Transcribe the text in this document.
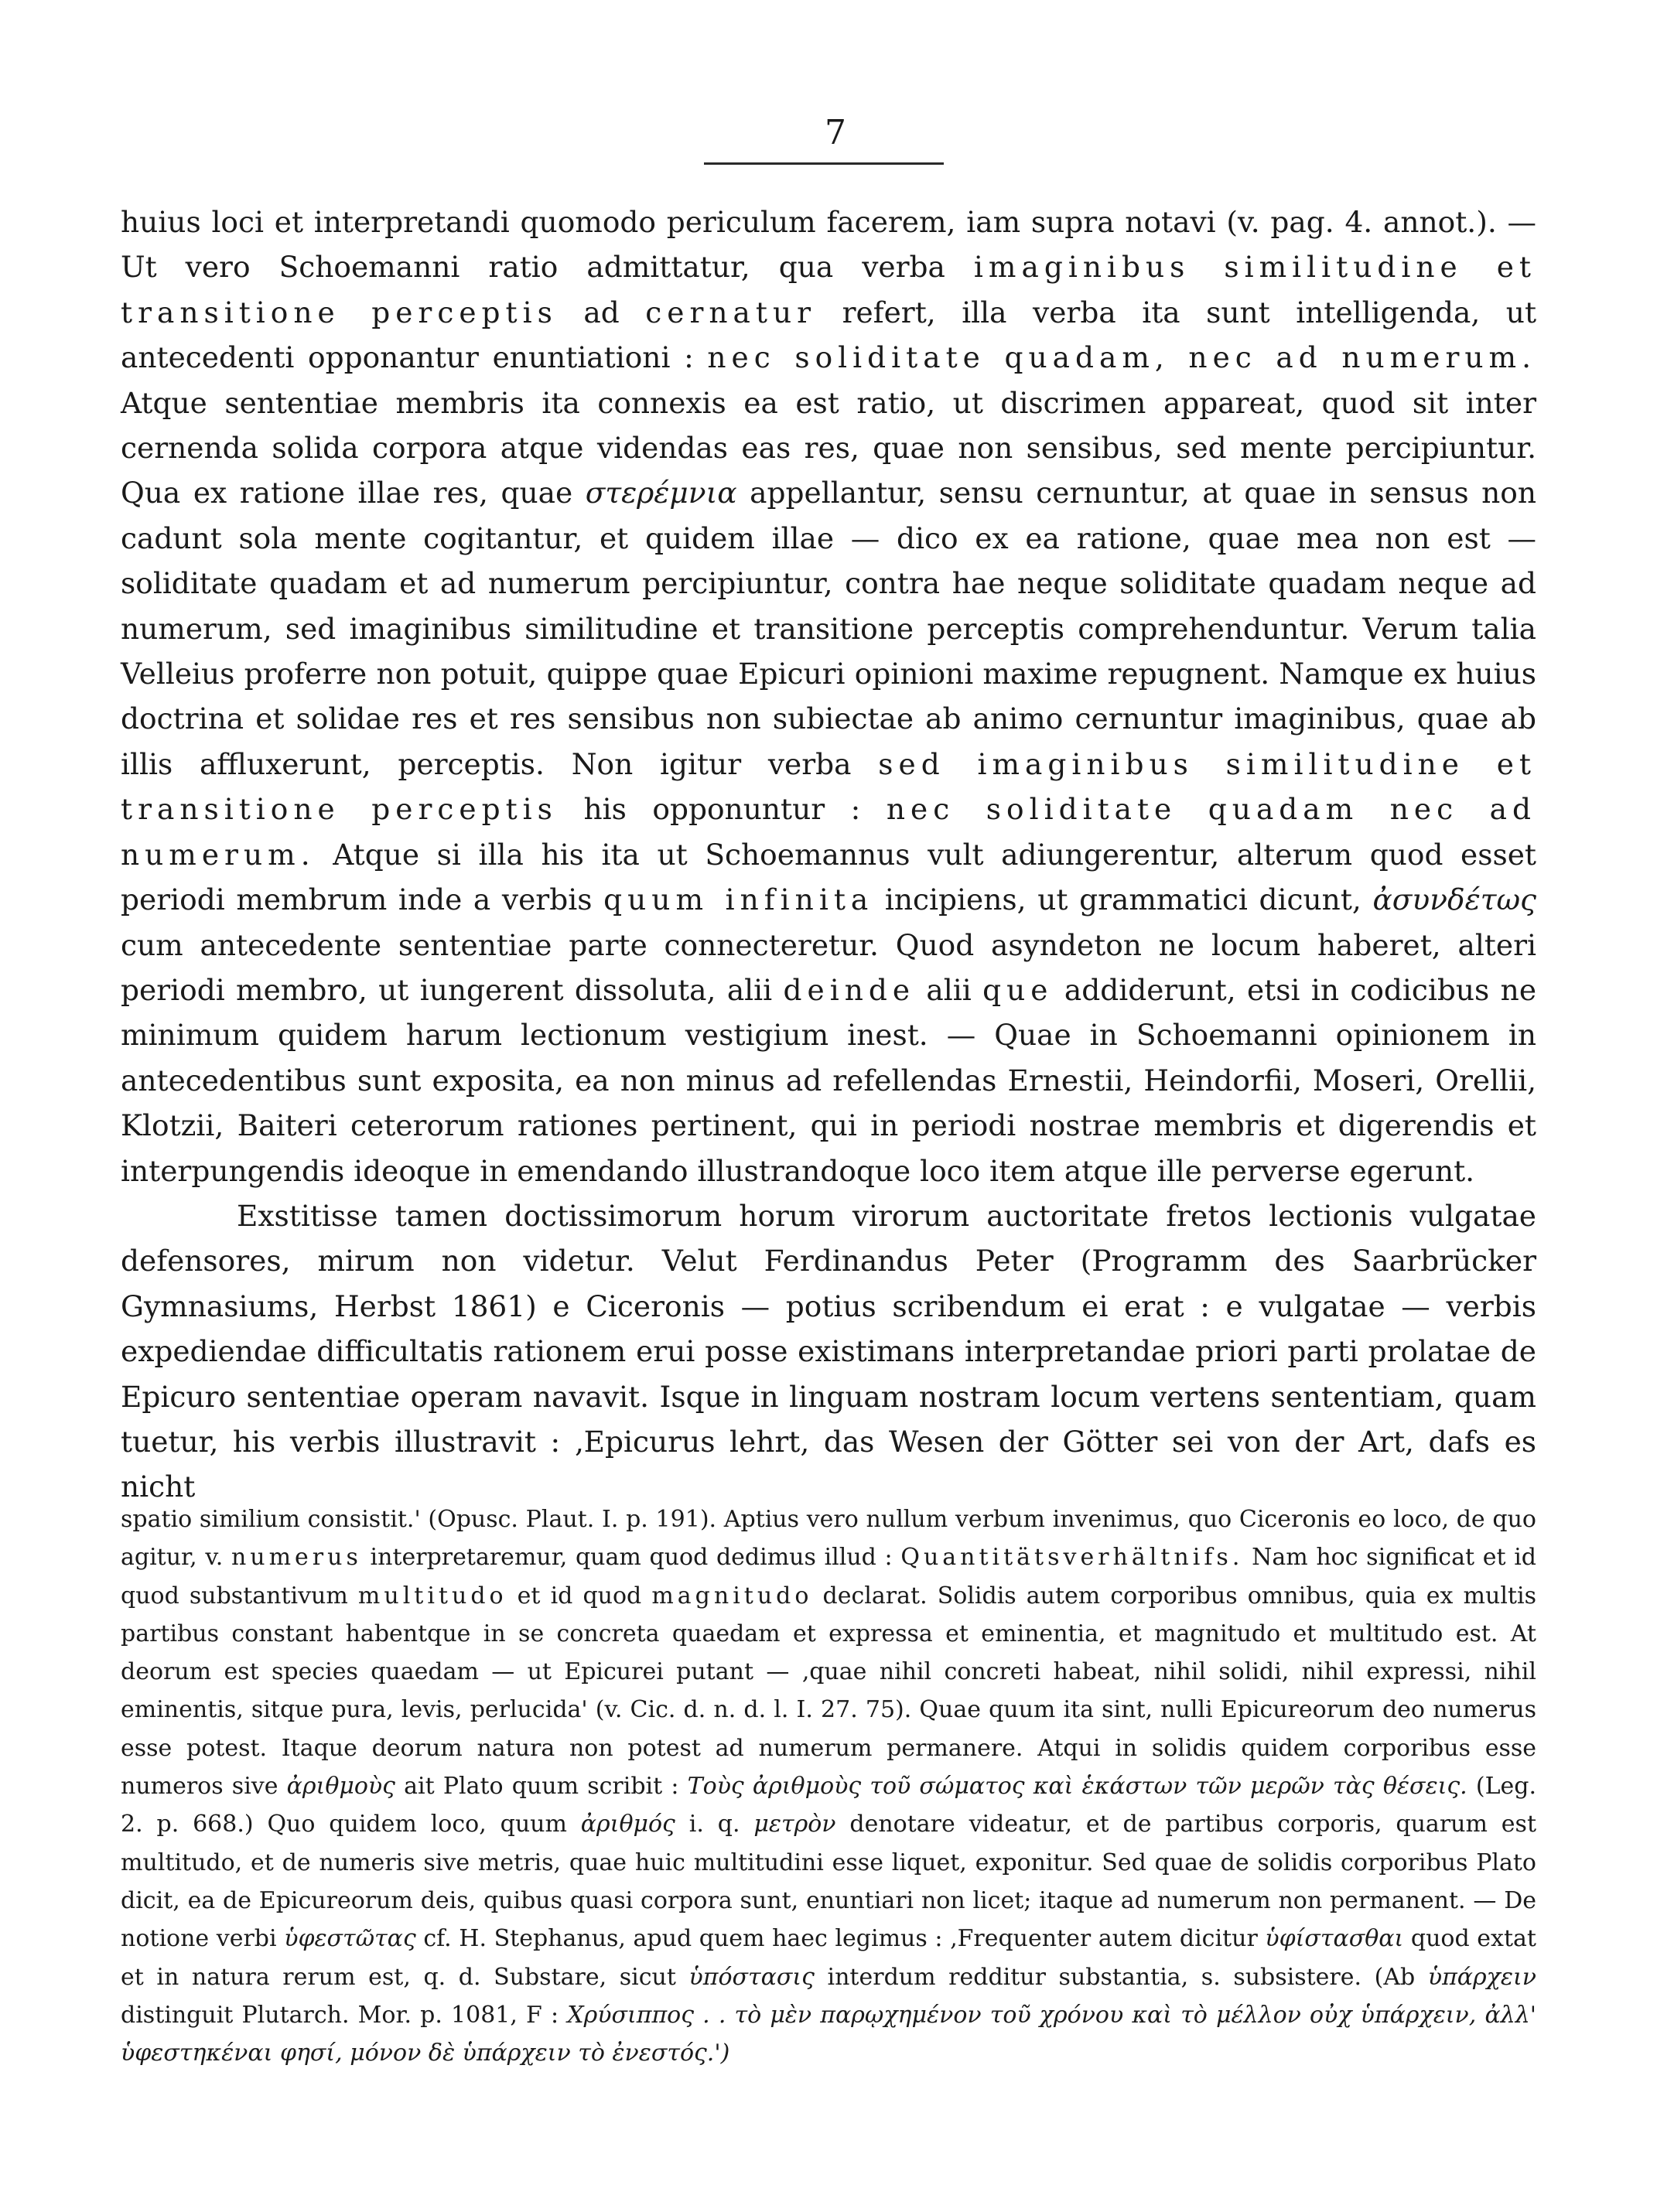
7

huius loci et interpretandi quomodo periculum facerem, iam supra notavi (v. pag. 4. annot.). — Ut vero Schoemanni ratio admittatur, qua verba imaginibus similitudine et transitione perceptis ad cernatur refert, illa verba ita sunt intelligenda, ut antecedenti opponantur enuntiationi : nec soliditate quadam, nec ad numerum. Atque sententiae membris ita connexis ea est ratio, ut discrimen appareat, quod sit inter cernenda solida corpora atque videndas eas res, quae non sensibus, sed mente percipiuntur. Qua ex ratione illae res, quae στερέμνια appellantur, sensu cernuntur, at quae in sensus non cadunt sola mente cogitantur, et quidem illae — dico ex ea ratione, quae mea non est — soliditate quadam et ad numerum percipiuntur, contra hae neque soliditate quadam neque ad numerum, sed imaginibus similitudine et transitione perceptis comprehenduntur. Verum talia Velleius proferre non potuit, quippe quae Epicuri opinioni maxime repugnent. Namque ex huius doctrina et solidae res et res sensibus non subiectae ab animo cernuntur imaginibus, quae ab illis affluxerunt, perceptis. Non igitur verba sed imaginibus similitudine et transitione perceptis his opponuntur : nec soliditate quadam nec ad numerum. Atque si illa his ita ut Schoemannus vult adiungerentur, alterum quod esset periodi membrum inde a verbis quum infinita incipiens, ut grammatici dicunt, ἀσυνδέτως cum antecedente sententiae parte connecteretur. Quod asyndeton ne locum haberet, alteri periodi membro, ut iungerent dissoluta, alii deinde alii que addiderunt, etsi in codicibus ne minimum quidem harum lectionum vestigium inest. — Quae in Schoemanni opinionem in antecedentibus sunt exposita, ea non minus ad refellendas Ernestii, Heindorfii, Moseri, Orellii, Klotzii, Baiteri ceterorum rationes pertinent, qui in periodi nostrae membris et digerendis et interpungendis ideoque in emendando illustrandoque loco item atque ille perverse egerunt.

Exstitisse tamen doctissimorum horum virorum auctoritate fretos lectionis vulgatae defensores, mirum non videtur. Velut Ferdinandus Peter (Programm des Saarbrücker Gymnasiums, Herbst 1861) e Ciceronis — potius scribendum ei erat : e vulgatae — verbis expediendae difficultatis rationem erui posse existimans interpretandae priori parti prolatae de Epicuro sententiae operam navavit. Isque in linguam nostram locum vertens sententiam, quam tuetur, his verbis illustravit : ‚Epicurus lehrt, das Wesen der Götter sei von der Art, dafs es nicht

spatio similium consistit.' (Opusc. Plaut. I. p. 191). Aptius vero nullum verbum invenimus, quo Ciceronis eo loco, de quo agitur, v. numerus interpretaremur, quam quod dedimus illud : Quantitätsverhältnifs. Nam hoc significat et id quod substantivum multitudo et id quod magnitudo declarat. Solidis autem corporibus omnibus, quia ex multis partibus constant habentque in se concreta quaedam et expressa et eminentia, et magnitudo et multitudo est. At deorum est species quaedam — ut Epicurei putant — ‚quae nihil concreti habeat, nihil solidi, nihil expressi, nihil eminentis, sitque pura, levis, perlucida' (v. Cic. d. n. d. l. I. 27. 75). Quae quum ita sint, nulli Epicureorum deo numerus esse potest. Itaque deorum natura non potest ad numerum permanere. Atqui in solidis quidem corporibus esse numeros sive ἀριθμοὺς ait Plato quum scribit : Τοὺς ἀριθμοὺς τοῦ σώματος καὶ ἑκάστων τῶν μερῶν τὰς θέσεις. (Leg. 2. p. 668.) Quo quidem loco, quum ἀριθμός i. q. μετρὸν denotare videatur, et de partibus corporis, quarum est multitudo, et de numeris sive metris, quae huic multitudini esse liquet, exponitur. Sed quae de solidis corporibus Plato dicit, ea de Epicureorum deis, quibus quasi corpora sunt, enuntiari non licet; itaque ad numerum non permanent. — De notione verbi ὑφεστῶτας cf. H. Stephanus, apud quem haec legimus : ‚Frequenter autem dicitur ὑφίστασθαι quod extat et in natura rerum est, q. d. Substare, sicut ὑπόστασις interdum redditur substantia, s. subsistere. (Ab ὑπάρχειν distinguit Plutarch. Mor. p. 1081, F : Χρύσιππος . . τὸ μὲν παρῳχημένον τοῦ χρόνου καὶ τὸ μέλλον οὐχ ὑπάρχειν, ἀλλ' ὑφεστηκέναι φησί, μόνον δὲ ὑπάρχειν τὸ ἐνεστός.')
